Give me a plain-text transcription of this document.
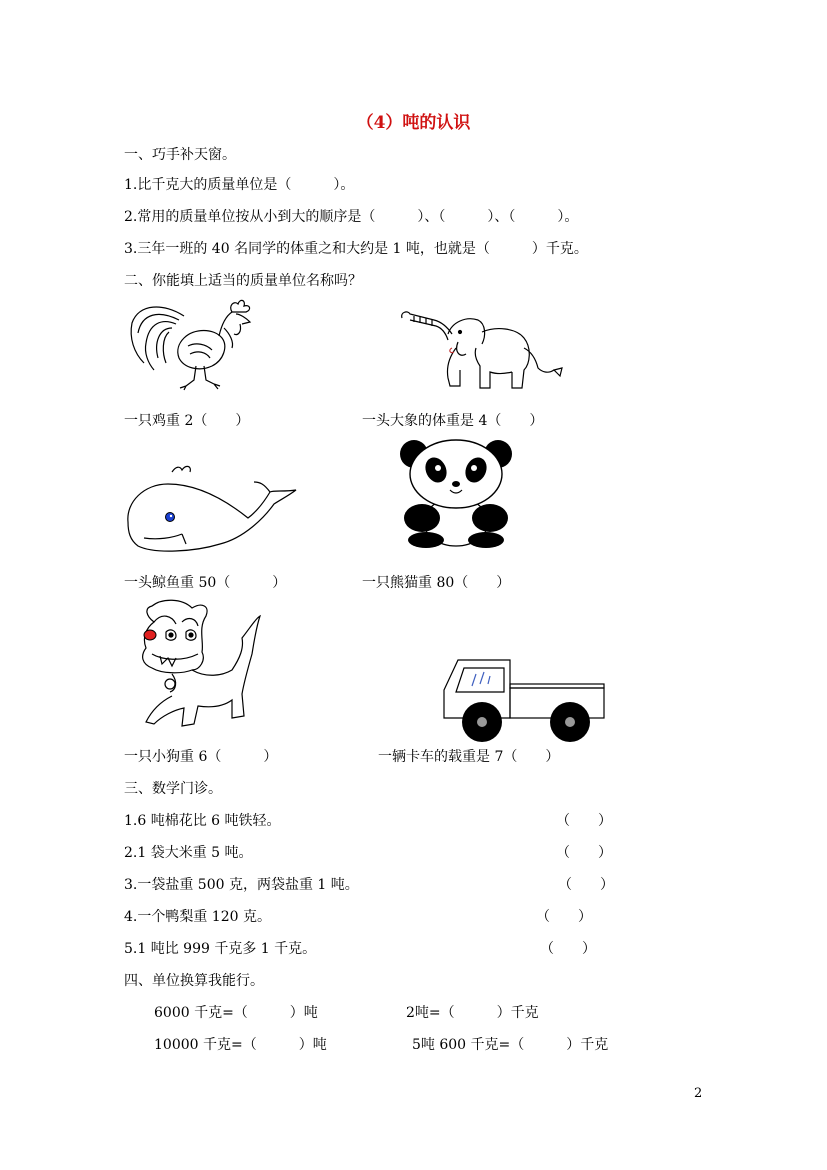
（4）吨的认识
一、巧手补天窗。
1.比千克大的质量单位是（　　　）。
2.常用的质量单位按从小到大的顺序是（　　　）、（　　　）、（　　　）。
3.三年一班的 40 名同学的体重之和大约是 1 吨，也就是（　　　）千克。
二、你能填上适当的质量单位名称吗？
一只鸡重 2（　　）	一头大象的体重是 4（　　）
一头鲸鱼重 50（　　　）	一只熊猫重 80（　　）
一只小狗重 6（　　　）	一辆卡车的载重是 7（　　）
三、数学门诊。
1.6 吨棉花比 6 吨铁轻。	（　　）
2.1 袋大米重 5 吨。	（　　）
3.一袋盐重 500 克，两袋盐重 1 吨。	（　　）
4.一个鸭梨重 120 克。	（　　）
5.1 吨比 999 千克多 1 千克。	（　　）
四、单位换算我能行。
6000 千克=（　　　）吨	2吨=（　　　）千克
10000 千克=（　　　）吨	5吨 600 千克=（　　　）千克
2
